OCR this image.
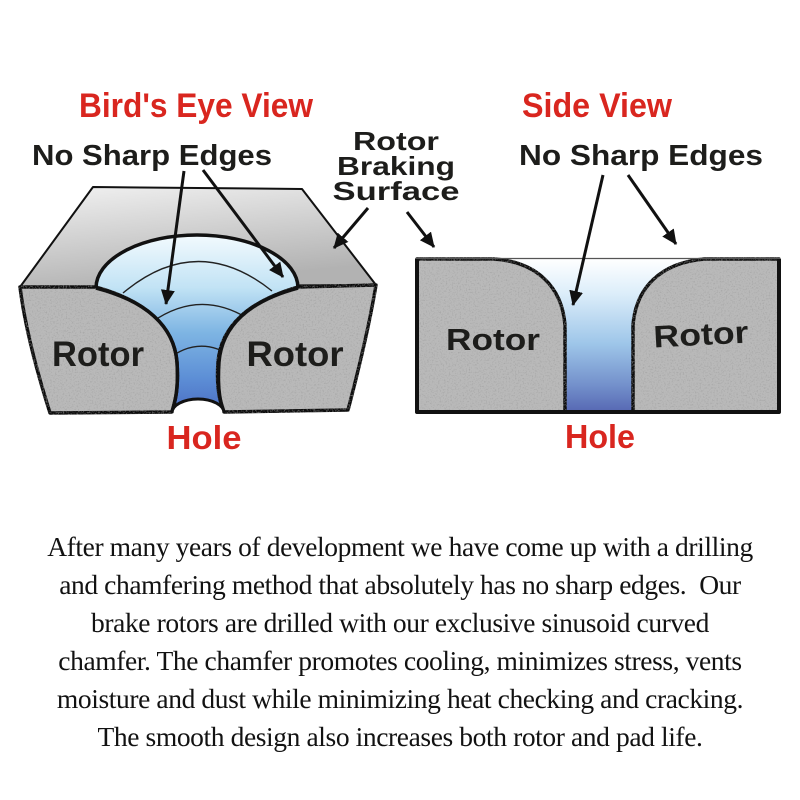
Rotor	Rotor
Hole
Rotor	Rotor
Hole
Bird's Eye View	Side View
No Sharp Edges	No Sharp Edges
Rotor
Braking
Surface
After many years of development we have come up with a drilling
and chamfering method that absolutely has no sharp edges.  Our
brake rotors are drilled with our exclusive sinusoid curved
chamfer. The chamfer promotes cooling, minimizes stress, vents
moisture and dust while minimizing heat checking and cracking.
The smooth design also increases both rotor and pad life.
